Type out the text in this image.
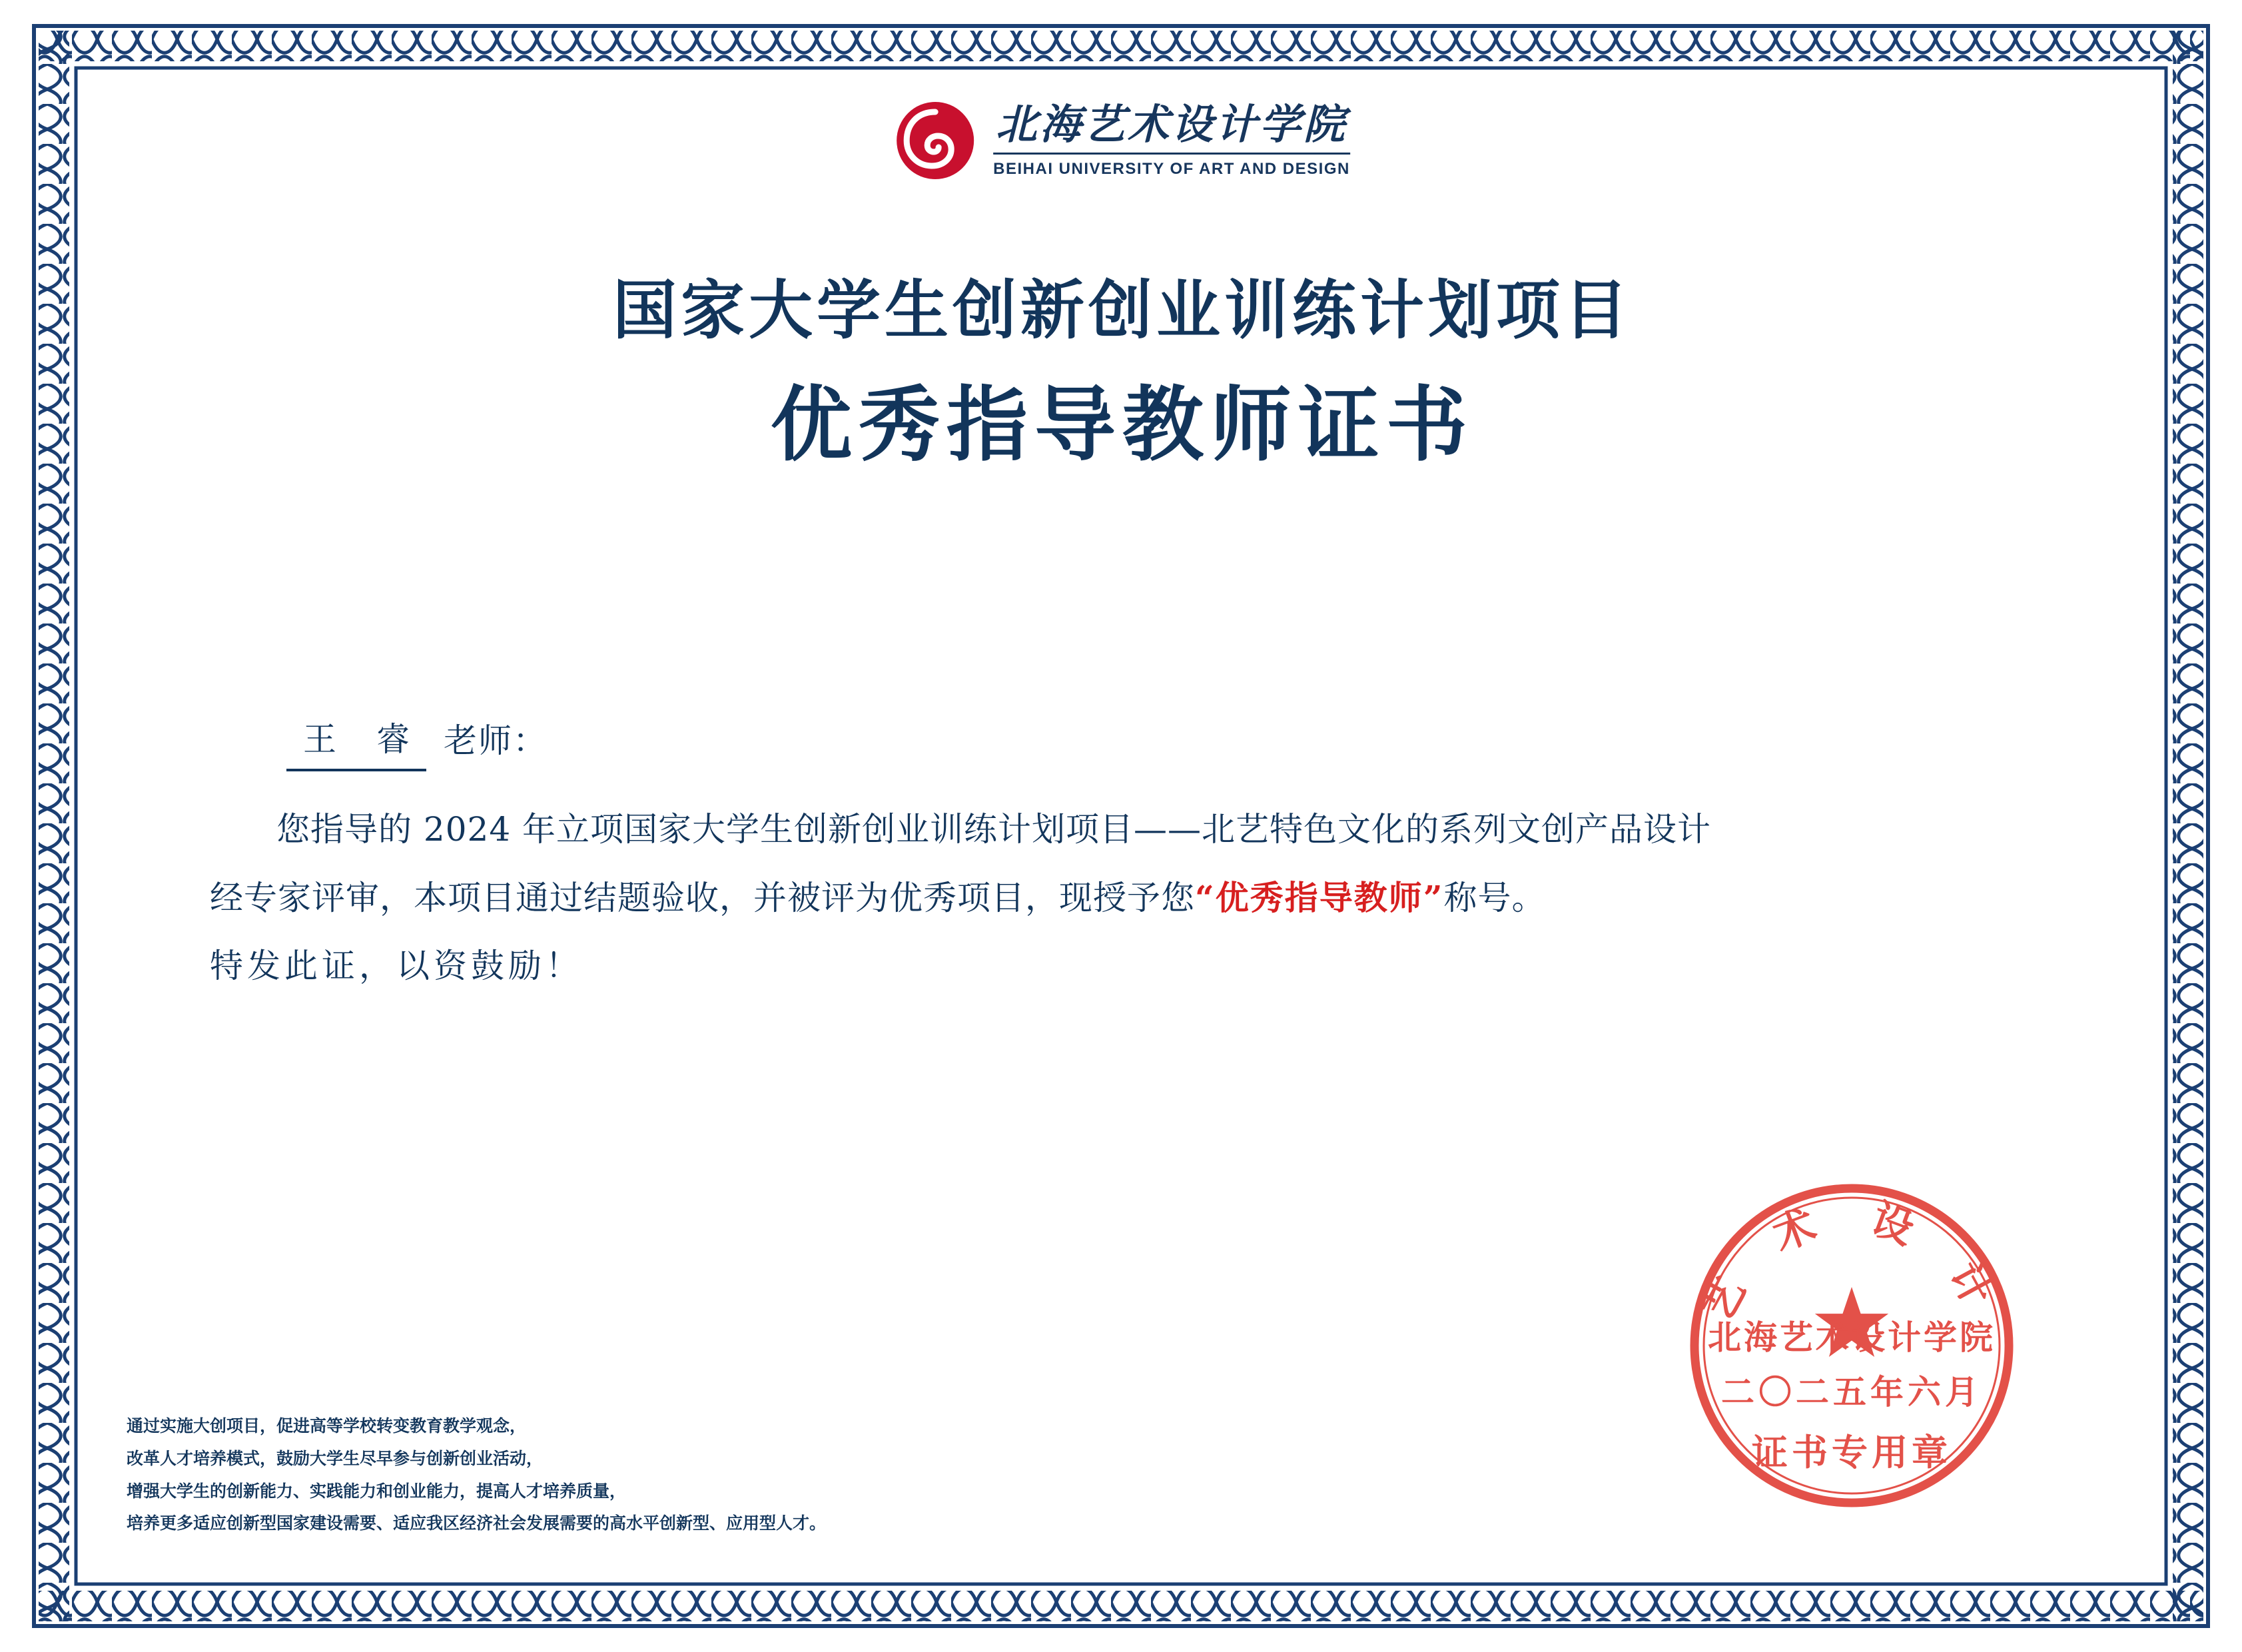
北海艺术设计学院
BEIHAI UNIVERSITY OF ART AND DESIGN
国家大学生创新创业训练计划项目
优秀指导教师证书
王 睿 老师：
您指导的 2024 年立项国家大学生创新创业训练计划项目——北艺特色文化的系列文创产品设计
经专家评审，本项目通过结题验收，并被评为优秀项目，现授予您“优秀指导教师”称号。
特发此证，以资鼓励！
通过实施大创项目，促进高等学校转变教育教学观念，
改革人才培养模式，鼓励大学生尽早参与创新创业活动，
增强大学生的创新能力、实践能力和创业能力，提高人才培养质量，
培养更多适应创新型国家建设需要、适应我区经济社会发展需要的高水平创新型、应用型人才。
艺 术 设 计
北海艺术设计学院
二〇二五年六月
证书专用章
